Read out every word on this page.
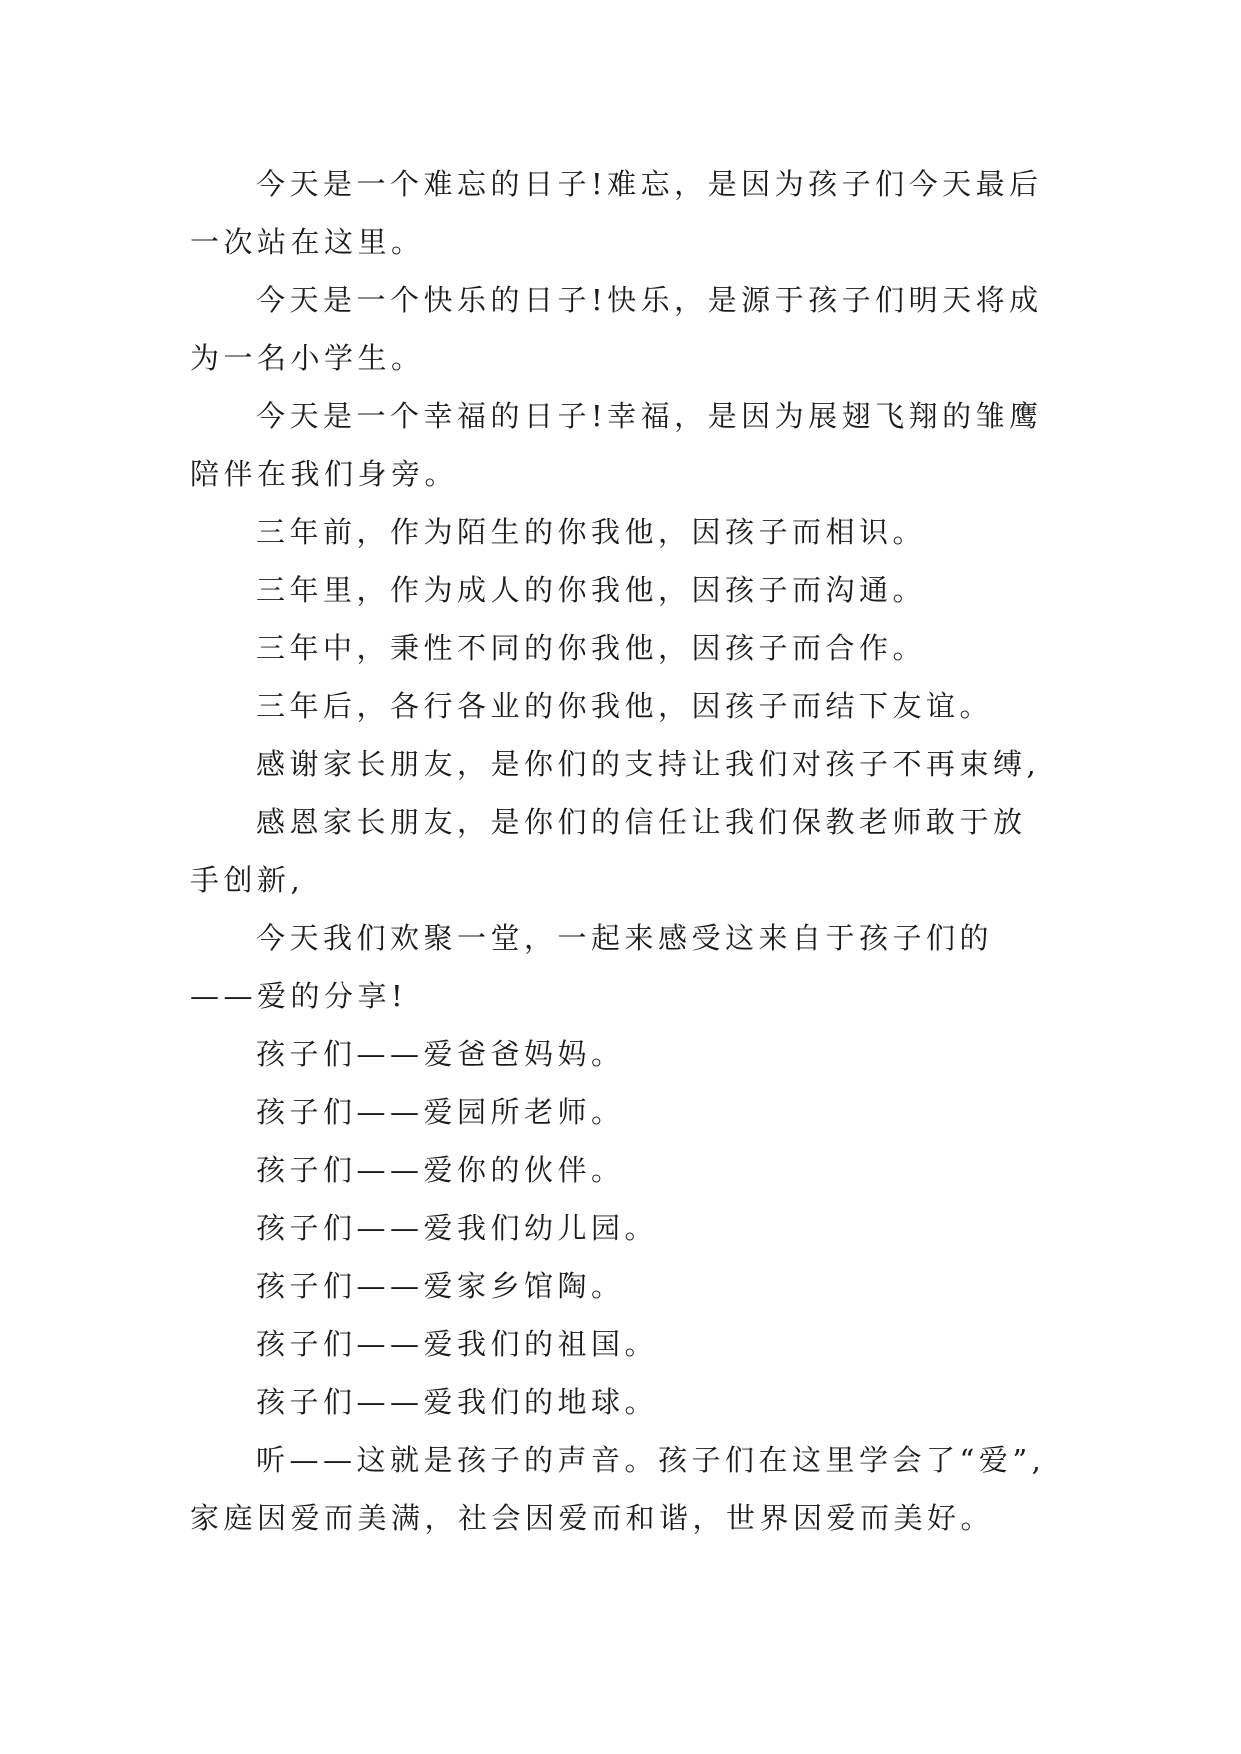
今天是一个难忘的日子!难忘，是因为孩子们今天最后一次站在这里。

今天是一个快乐的日子!快乐，是源于孩子们明天将成为一名小学生。

今天是一个幸福的日子!幸福，是因为展翅飞翔的雏鹰陪伴在我们身旁。

三年前，作为陌生的你我他，因孩子而相识。

三年里，作为成人的你我他，因孩子而沟通。

三年中，秉性不同的你我他，因孩子而合作。

三年后，各行各业的你我他，因孩子而结下友谊。

感谢家长朋友，是你们的支持让我们对孩子不再束缚,

感恩家长朋友，是你们的信任让我们保教老师敢于放手创新,

今天我们欢聚一堂，一起来感受这来自于孩子们的——爱的分享!

孩子们——爱爸爸妈妈。

孩子们——爱园所老师。

孩子们——爱你的伙伴。

孩子们——爱我们幼儿园。

孩子们——爱家乡馆陶。

孩子们——爱我们的祖国。

孩子们——爱我们的地球。

听——这就是孩子的声音。孩子们在这里学会了“爱”,家庭因爱而美满，社会因爱而和谐，世界因爱而美好。
